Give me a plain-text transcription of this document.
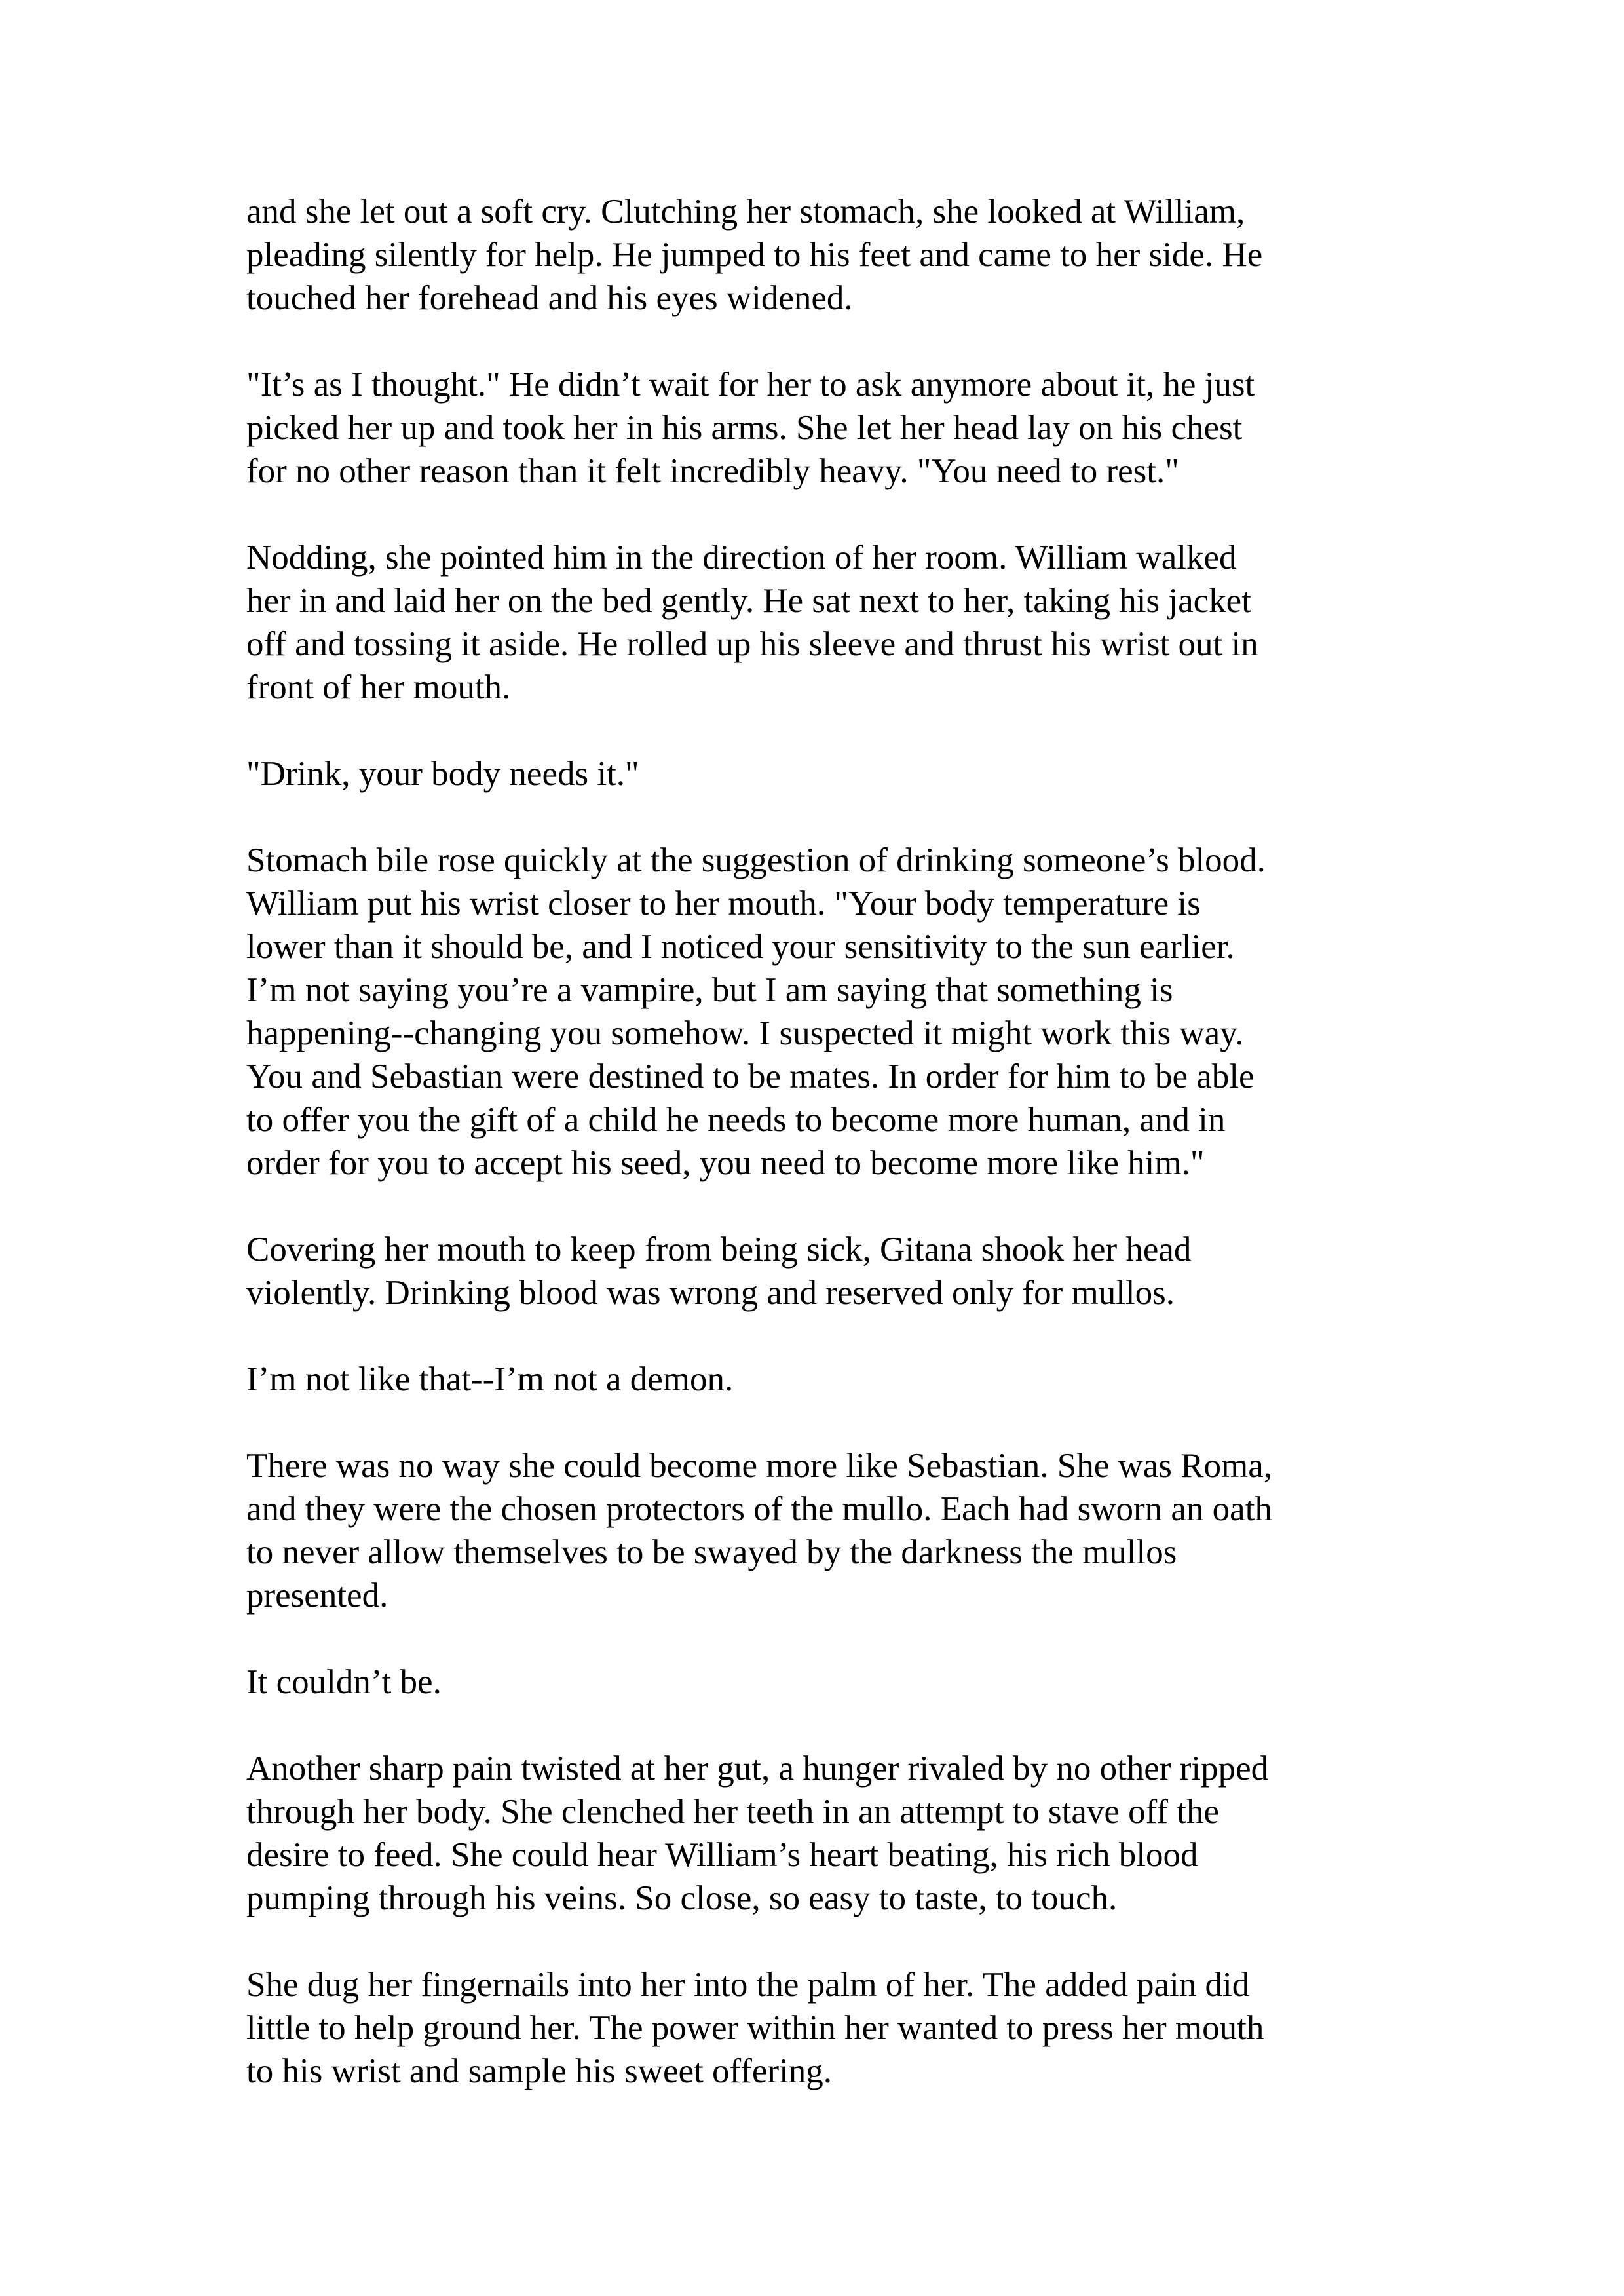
and she let out a soft cry. Clutching her stomach, she looked at William,
pleading silently for help. He jumped to his feet and came to her side. He
touched her forehead and his eyes widened.

"It’s as I thought." He didn’t wait for her to ask anymore about it, he just
picked her up and took her in his arms. She let her head lay on his chest
for no other reason than it felt incredibly heavy. "You need to rest."

Nodding, she pointed him in the direction of her room. William walked
her in and laid her on the bed gently. He sat next to her, taking his jacket
off and tossing it aside. He rolled up his sleeve and thrust his wrist out in
front of her mouth.

"Drink, your body needs it."

Stomach bile rose quickly at the suggestion of drinking someone’s blood.
William put his wrist closer to her mouth. "Your body temperature is
lower than it should be, and I noticed your sensitivity to the sun earlier.
I’m not saying you’re a vampire, but I am saying that something is
happening--changing you somehow. I suspected it might work this way.
You and Sebastian were destined to be mates. In order for him to be able
to offer you the gift of a child he needs to become more human, and in
order for you to accept his seed, you need to become more like him."

Covering her mouth to keep from being sick, Gitana shook her head
violently. Drinking blood was wrong and reserved only for mullos.

I’m not like that--I’m not a demon.

There was no way she could become more like Sebastian. She was Roma,
and they were the chosen protectors of the mullo. Each had sworn an oath
to never allow themselves to be swayed by the darkness the mullos
presented.

It couldn’t be.

Another sharp pain twisted at her gut, a hunger rivaled by no other ripped
through her body. She clenched her teeth in an attempt to stave off the
desire to feed. She could hear William’s heart beating, his rich blood
pumping through his veins. So close, so easy to taste, to touch.

She dug her fingernails into her into the palm of her. The added pain did
little to help ground her. The power within her wanted to press her mouth
to his wrist and sample his sweet offering.
